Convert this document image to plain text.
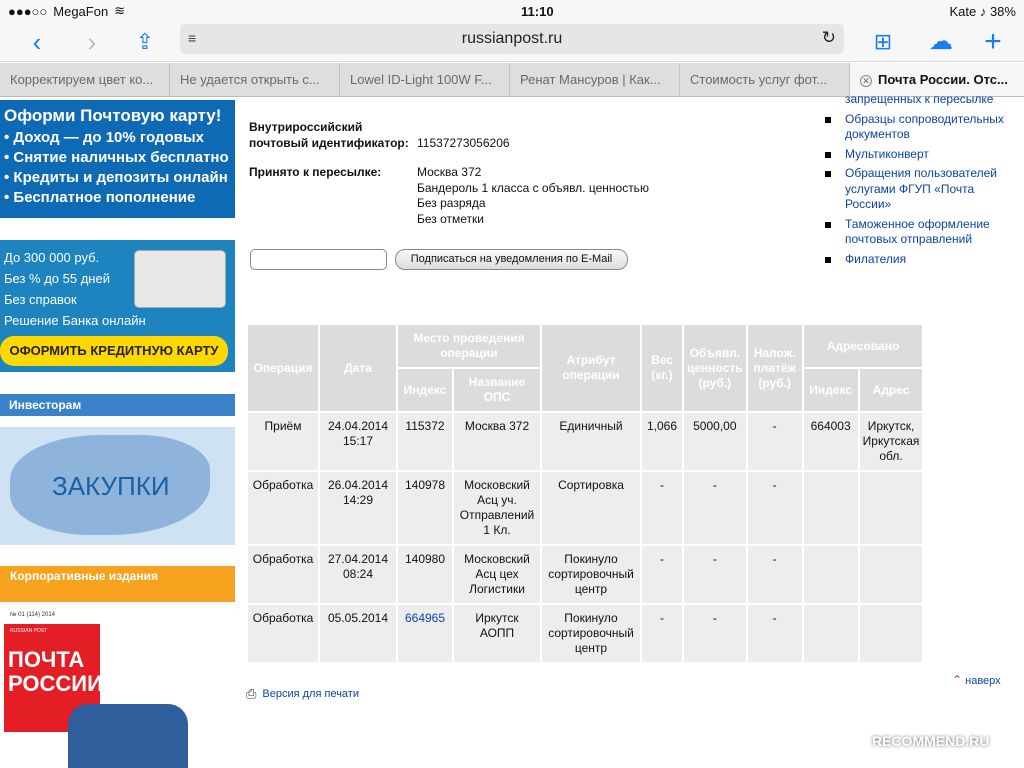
●●●○○ MegaFon ≋	11:10	Kate ♪ 38%
‹	›	⇪	≡	russianpost.ru	↻	⊞	☁ +
Корректируем цвет ко...	Не удается открыть с...	Lowel ID-Light 100W F...	Ренат Мансуров | Как...	Стоимость услуг фот...	✕ Почта России. Отс...
Оформи Почтовую карту!
• Доход — до 10% годовых
• Снятие наличных бесплатно
• Кредиты и депозиты онлайн
• Бесплатное пополнение
До 300 000 руб.
Без % до 55 дней
Без справок
Решение Банка онлайн
ОФОРМИТЬ КРЕДИТНУЮ КАРТУ
Инвесторам
ЗАКУПКИ
Корпоративные издания
№ 01 (114) 2014
RUSSIAN POST
ПОЧТА РОССИИ
Внутрироссийский почтовый идентификатор: 11537273056206
Принято к пересылке:	Москва 372
Бандероль 1 класса с объявл. ценностью
Без разряда
Без отметки
Подписаться на уведомления по E-Mail
запрещенных к пересылке
Образцы сопроводительных документов
Мультиконверт
Обращения пользователей услугами ФГУП «Почта России»
Таможенное оформление почтовых отправлений
Филателия
Операция	Дата	Место проведения операции		Атрибут операции	Вес (кг.)	Объявл. ценность (руб.)	Налож. платёж (руб.)	Адресовано	
		Индекс	Название ОПС					Индекс	Адрес
Приём	24.04.2014 15:17	115372	Москва 372	Единичный	1,066	5000,00	-	664003	Иркутск, Иркутская обл.
Обработка	26.04.2014 14:29	140978	Московский Асц уч. Отправлений 1 Кл.	Сортировка	-	-	-		
Обработка	27.04.2014 08:24	140980	Московский Асц цех Логистики	Покинуло сортировочный центр	-	-	-		
Обработка	05.05.2014	664965	Иркутск АОПП	Покинуло сортировочный центр	-	-	-		
⎙ Версия для печати
⌃ наверх
RECOMMEND.RU
